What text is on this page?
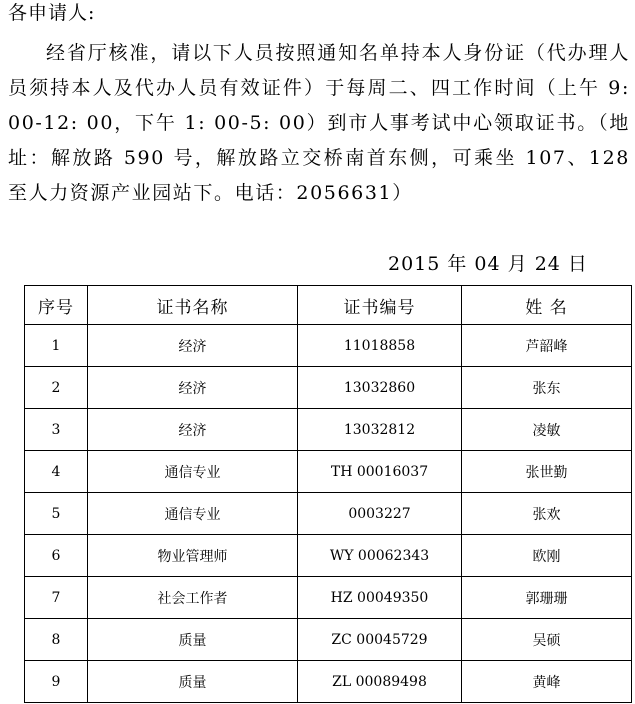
各申请人:

经省厅核准，请以下人员按照通知名单持本人身份证（代办理人员须持本人及代办人员有效证件）于每周二、四工作时间（上午 9: 00-12: 00，下午 1: 00-5: 00）到市人事考试中心领取证书。（地址：解放路 590 号，解放路立交桥南首东侧，可乘坐 107、128 至人力资源产业园站下。电话：2056631）

2015 年 04 月 24 日

序号	证书名称	证书编号	姓 名
1	经济	11018858	芦韶峰
2	经济	13032860	张东
3	经济	13032812	凌敏
4	通信专业	TH 00016037	张世勤
5	通信专业	0003227	张欢
6	物业管理师	WY 00062343	欧刚
7	社会工作者	HZ 00049350	郭珊珊
8	质量	ZC 00045729	吴硕
9	质量	ZL 00089498	黄峰
